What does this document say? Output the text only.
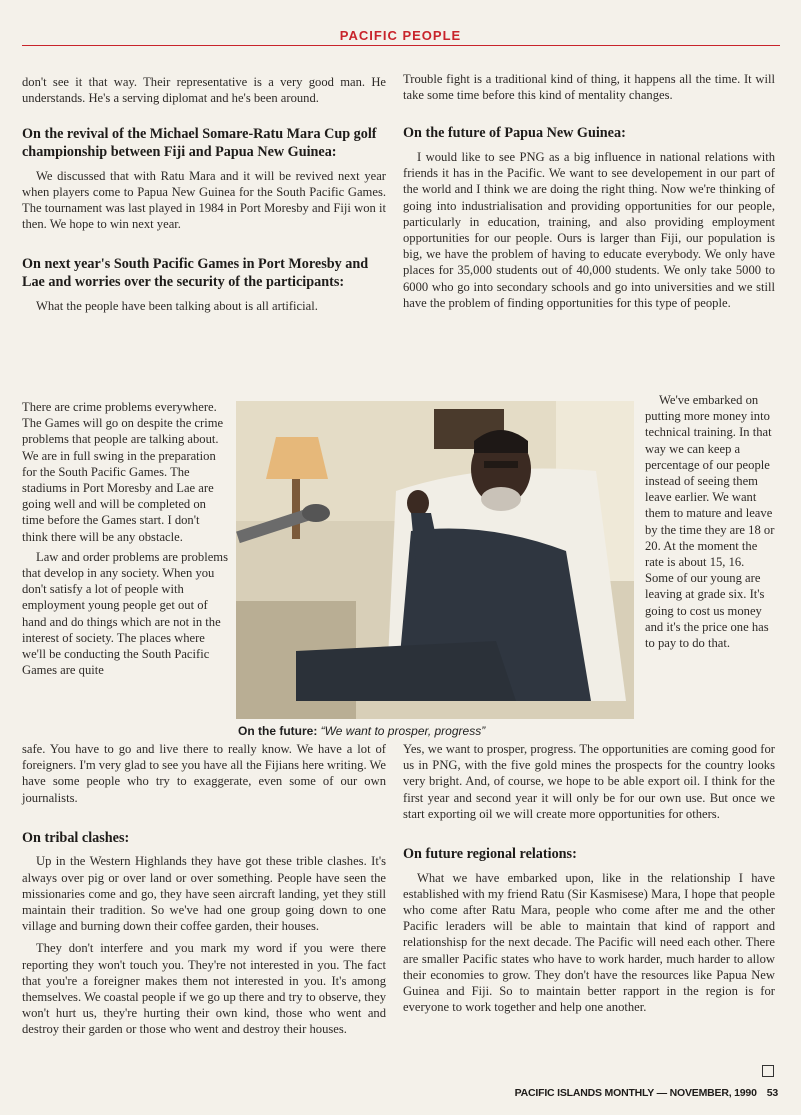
PACIFIC PEOPLE

don't see it that way. Their representative is a very good man. He understands. He's a serving diplomat and he's been around.

On the revival of the Michael Somare-Ratu Mara Cup golf championship between Fiji and Papua New Guinea:

We discussed that with Ratu Mara and it will be revived next year when players come to Papua New Guinea for the South Pacific Games. The tournament was last played in 1984 in Port Moresby and Fiji won it then. We hope to win next year.

On next year's South Pacific Games in Port Moresby and Lae and worries over the security of the participants:

What the people have been talking about is all artificial.

There are crime problems everywhere. The Games will go on despite the crime problems that people are talking about. We are in full swing in the preparation for the South Pacific Games. The stadiums in Port Moresby and Lae are going well and will be completed on time before the Games start. I don't think there will be any obstacle.

Law and order problems are problems that develop in any society. When you don't satisfy a lot of people with employment young people get out of hand and do things which are not in the interest of society. The places where we'll be conducting the South Pacific Games are quite

Trouble fight is a traditional kind of thing, it happens all the time. It will take some time before this kind of mentality changes.

On the future of Papua New Guinea:

I would like to see PNG as a big influence in national relations with friends it has in the Pacific. We want to see developement in our part of the world and I think we are doing the right thing. Now we're thinking of going into industrialisation and providing opportunities for our people, particularly in education, training, and also providing employment opportunities for our people. Ours is larger than Fiji, our population is big, we have the problem of having to educate everybody. We only have places for 35,000 students out of 40,000 students. We only take 5000 to 6000 who go into secondary schools and go into universities and we still have the problem of finding opportunities for this type of people.

We've embarked on putting more money into technical training. In that way we can keep a percentage of our people instead of seeing them leave earlier. We want them to mature and leave by the time they are 18 or 20. At the moment the rate is about 15, 16. Some of our young are leaving at grade six. It's going to cost us money and it's the price one has to pay to do that.

On the future: “We want to prosper, progress”

safe. You have to go and live there to really know. We have a lot of foreigners. I'm very glad to see you have all the Fijians here writing. We have some people who try to exaggerate, even some of our own journalists.

On tribal clashes:

Up in the Western Highlands they have got these trible clashes. It's always over pig or over land or over something. People have seen the missionaries come and go, they have seen aircraft landing, yet they still maintain their tradition. So we've had one group going down to one village and burning down their coffee garden, their houses.

They don't interfere and you mark my word if you were there reporting they won't touch you. They're not interested in you. The fact that you're a foreigner makes them not interested in you. It's among themselves. We coastal people if we go up there and try to observe, they won't hurt us, they're hurting their own kind, those who went and destroy their garden or those who went and destroy their houses.

Yes, we want to prosper, progress. The opportunities are coming good for us in PNG, with the five gold mines the prospects for the country looks very bright. And, of course, we hope to be able export oil. I think for the first year and second year it will only be for our own use. But once we start exporting oil we will create more opportunities for others.

On future regional relations:

What we have embarked upon, like in the relationship I have established with my friend Ratu (Sir Kasmisese) Mara, I hope that people who come after Ratu Mara, people who come after me and the other Pacific leraders will be able to maintain that kind of rapport and relationshisp for the next decade. The Pacific will need each other. There are smaller Pacific states who have to work harder, much harder to allow their economies to grow. They don't have the resources like Papua New Guinea and Fiji. So to maintain better rapport in the region is for everyone to work together and help one another.

PACIFIC ISLANDS MONTHLY — NOVEMBER, 1990 53
